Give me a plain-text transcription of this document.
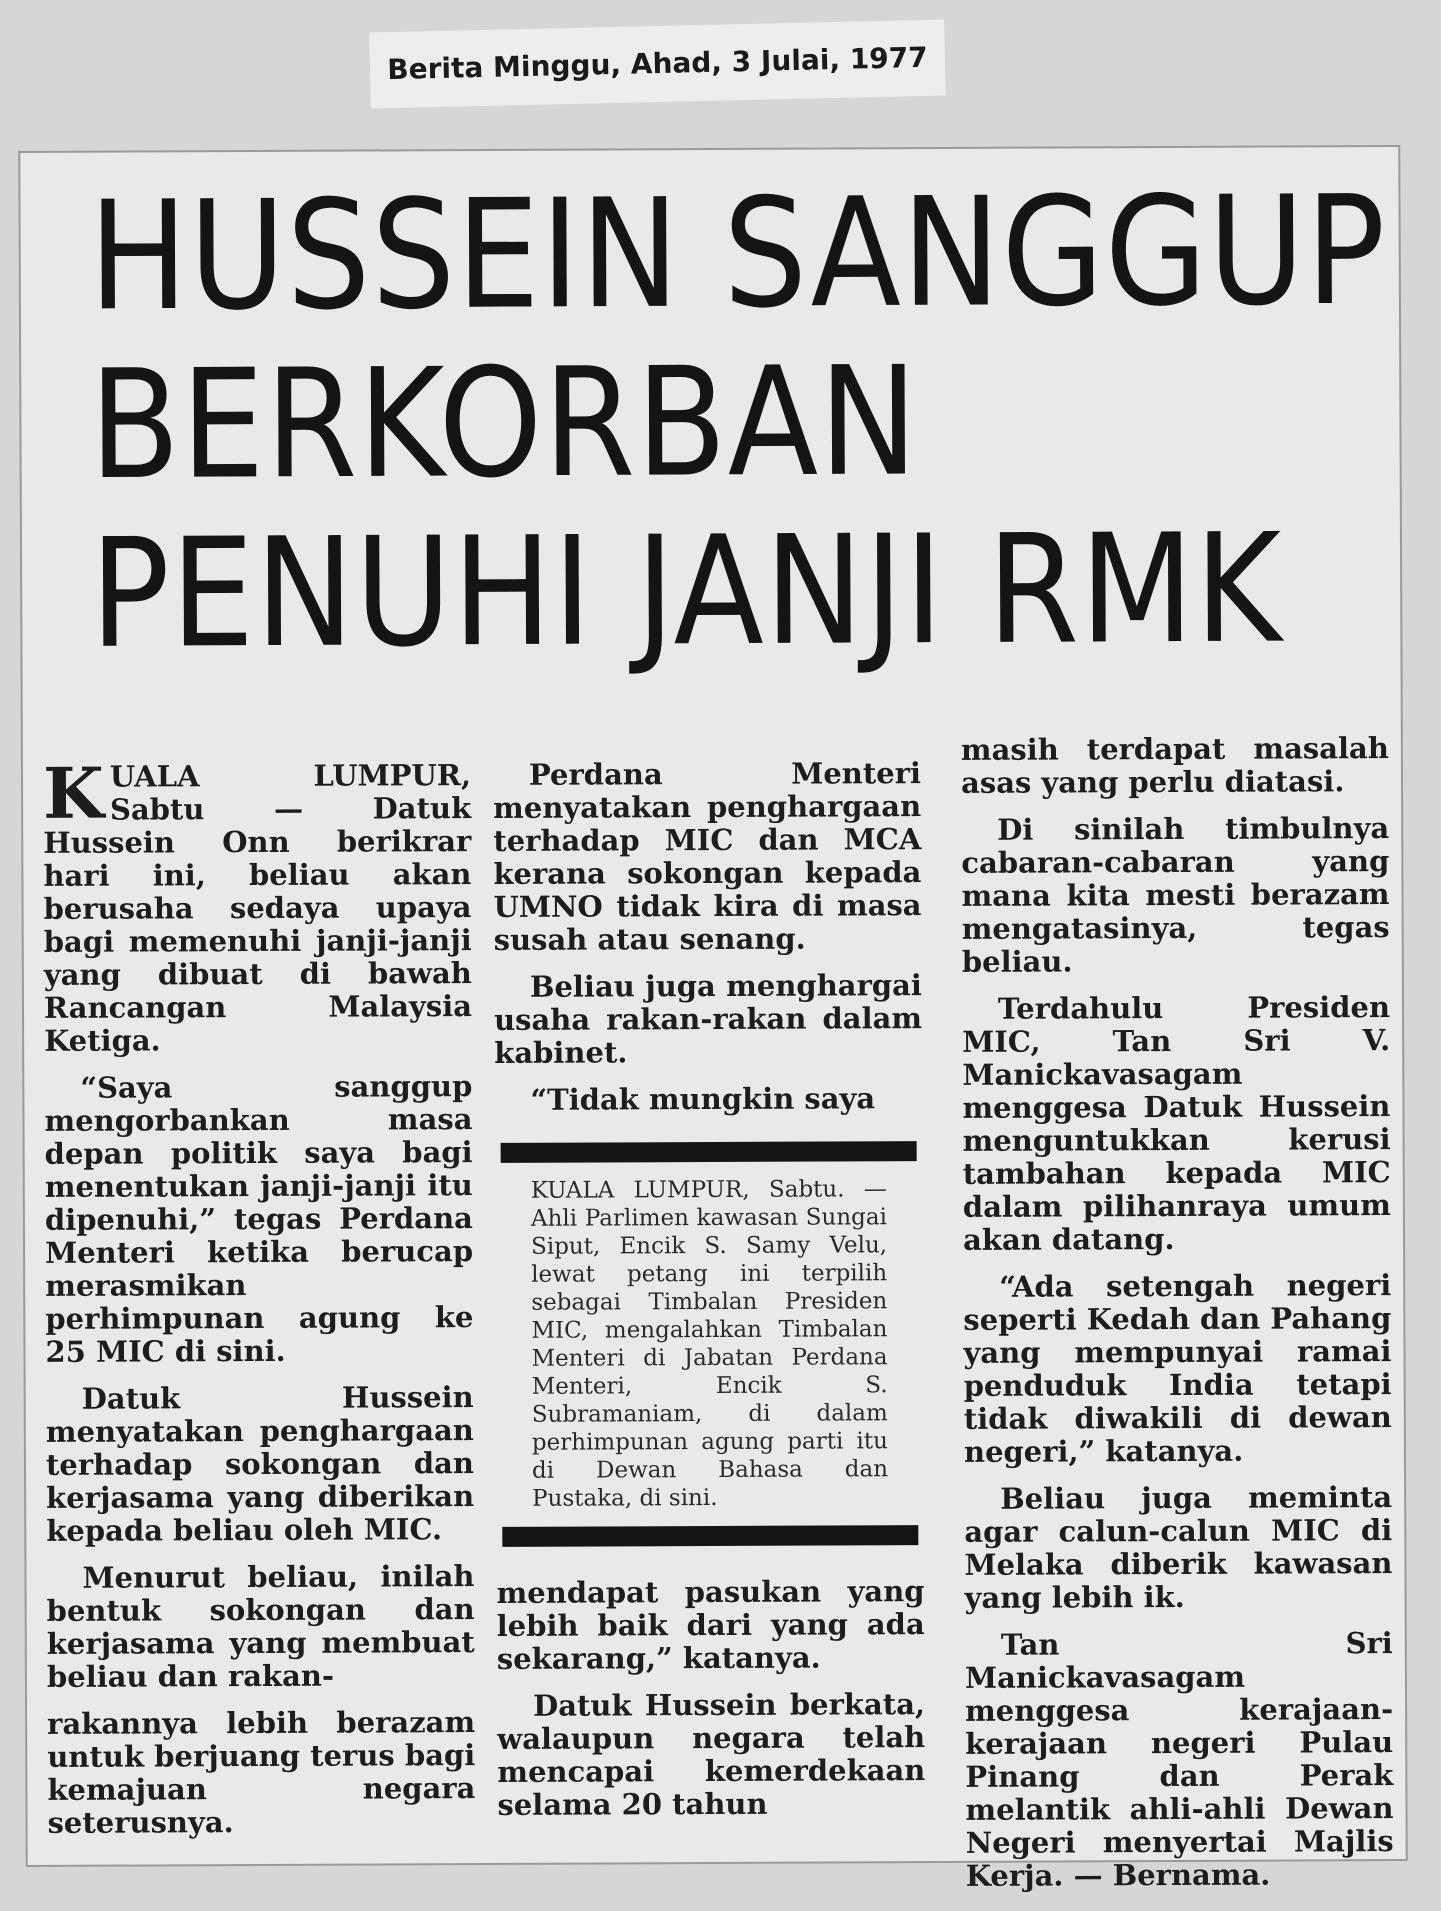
Berita Minggu, Ahad, 3 Julai, 1977
HUSSEIN SANGGUP
BERKORBAN
PENUHI JANJI RMK

KUALA LUMPUR, Sabtu — Datuk Hussein Onn berikrar hari ini, beliau akan berusaha sedaya upaya bagi memenuhi janji-janji yang dibuat di bawah Rancangan Malaysia Ketiga.

“Saya sanggup mengorbankan masa depan politik saya bagi menentukan janji-janji itu dipenuhi,” tegas Perdana Menteri ketika berucap merasmikan perhimpunan agung ke 25 MIC di sini.

Datuk Hussein menyatakan penghargaan terhadap sokongan dan kerjasama yang diberikan kepada beliau oleh MIC.

Menurut beliau, inilah bentuk sokongan dan kerjasama yang membuat beliau dan rakan-

rakannya lebih berazam untuk berjuang terus bagi kemajuan negara seterusnya.

Perdana Menteri menyatakan penghargaan terhadap MIC dan MCA kerana sokongan kepada UMNO tidak kira di masa susah atau senang.

Beliau juga menghargai usaha rakan-rakan dalam kabinet.

“Tidak mungkin saya

KUALA LUMPUR, Sabtu. — Ahli Parlimen kawasan Sungai Siput, Encik S. Samy Velu, lewat petang ini terpilih sebagai Timbalan Presiden MIC, mengalahkan Timbalan Menteri di Jabatan Perdana Menteri, Encik S. Subramaniam, di dalam perhimpunan agung parti itu di Dewan Bahasa dan Pustaka, di sini.

mendapat pasukan yang lebih baik dari yang ada sekarang,” katanya.

Datuk Hussein berkata, walaupun negara telah mencapai kemerdekaan selama 20 tahun

masih terdapat masalah asas yang perlu diatasi.

Di sinilah timbulnya cabaran-cabaran yang mana kita mesti berazam mengatasinya, tegas beliau.

Terdahulu Presiden MIC, Tan Sri V. Manickavasagam menggesa Datuk Hussein menguntukkan kerusi tambahan kepada MIC dalam pilihanraya umum akan datang.

“Ada setengah negeri seperti Kedah dan Pahang yang mempunyai ramai penduduk India tetapi tidak diwakili di dewan negeri,” katanya.

Beliau juga meminta agar calun-calun MIC di Melaka diberik kawasan yang lebih ik.

Tan Sri Manickavasagam menggesa kerajaan-kerajaan negeri Pulau Pinang dan Perak melantik ahli-ahli Dewan Negeri menyertai Majlis Kerja. — Bernama.
